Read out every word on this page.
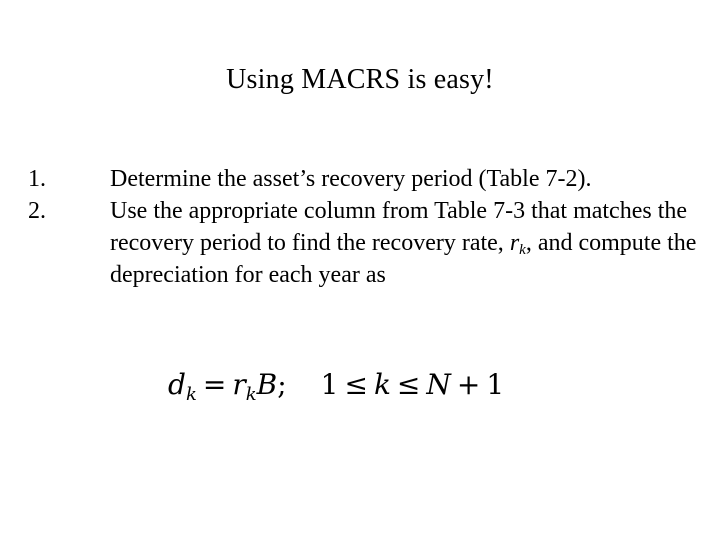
Using MACRS is easy!
1.	Determine the asset’s recovery period (Table 7-2).
2.	Use the appropriate column from Table 7-3 that matches the recovery period to find the recovery rate, $r_k$, and compute the depreciation for each year as
$d_k = r_kB$; 1 ≤ k ≤ N + 1
